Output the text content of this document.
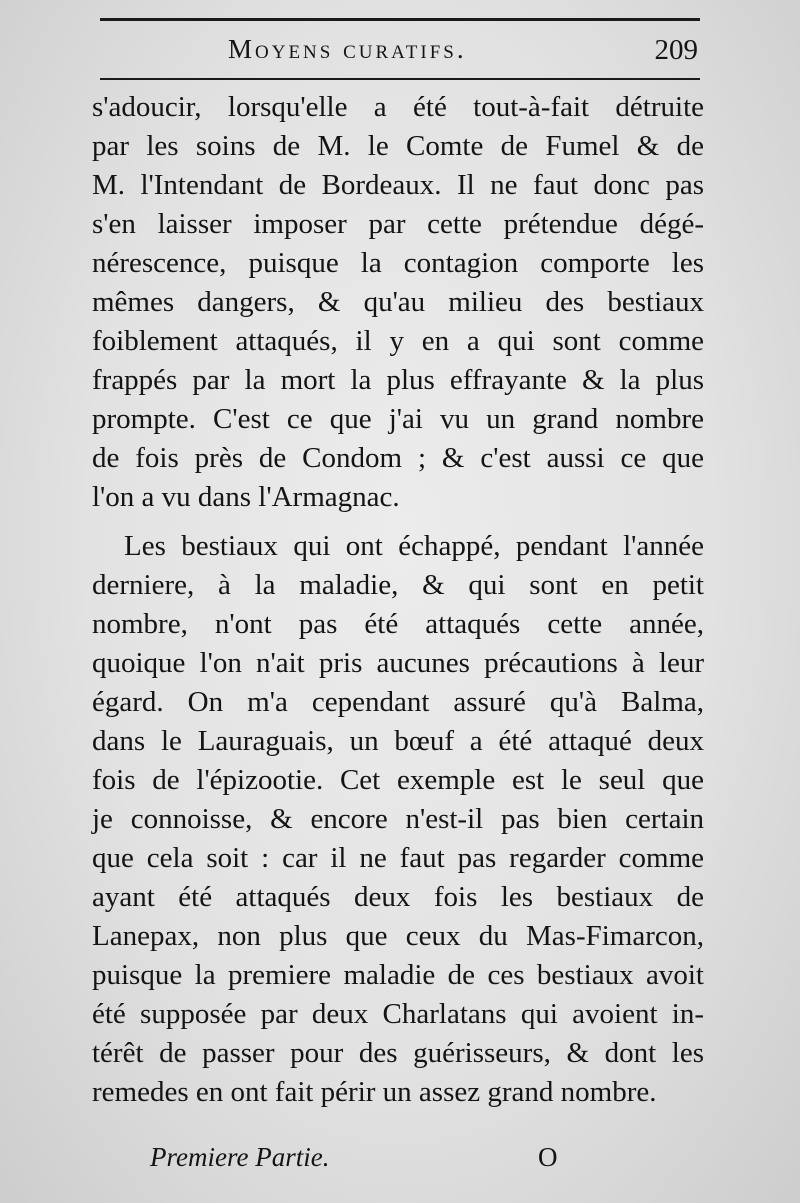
Moyens curatifs.	209
s'adoucir, lorsqu'elle a été tout-à-fait détruite
par les soins de M. le Comte de Fumel & de
M. l'Intendant de Bordeaux. Il ne faut donc pas
s'en laisser imposer par cette prétendue dégé-
nérescence, puisque la contagion comporte les
mêmes dangers, & qu'au milieu des bestiaux
foiblement attaqués, il y en a qui sont comme
frappés par la mort la plus effrayante & la plus
prompte. C'est ce que j'ai vu un grand nombre
de fois près de Condom ; & c'est aussi ce que
l'on a vu dans l'Armagnac.
Les bestiaux qui ont échappé, pendant l'année
derniere, à la maladie, & qui sont en petit
nombre, n'ont pas été attaqués cette année,
quoique l'on n'ait pris aucunes précautions à leur
égard. On m'a cependant assuré qu'à Balma,
dans le Lauraguais, un bœuf a été attaqué deux
fois de l'épizootie. Cet exemple est le seul que
je connoisse, & encore n'est-il pas bien certain
que cela soit : car il ne faut pas regarder comme
ayant été attaqués deux fois les bestiaux de
Lanepax, non plus que ceux du Mas-Fimarcon,
puisque la premiere maladie de ces bestiaux avoit
été supposée par deux Charlatans qui avoient in-
térêt de passer pour des guérisseurs, & dont les
remedes en ont fait périr un assez grand nombre.
Premiere Partie.	O
